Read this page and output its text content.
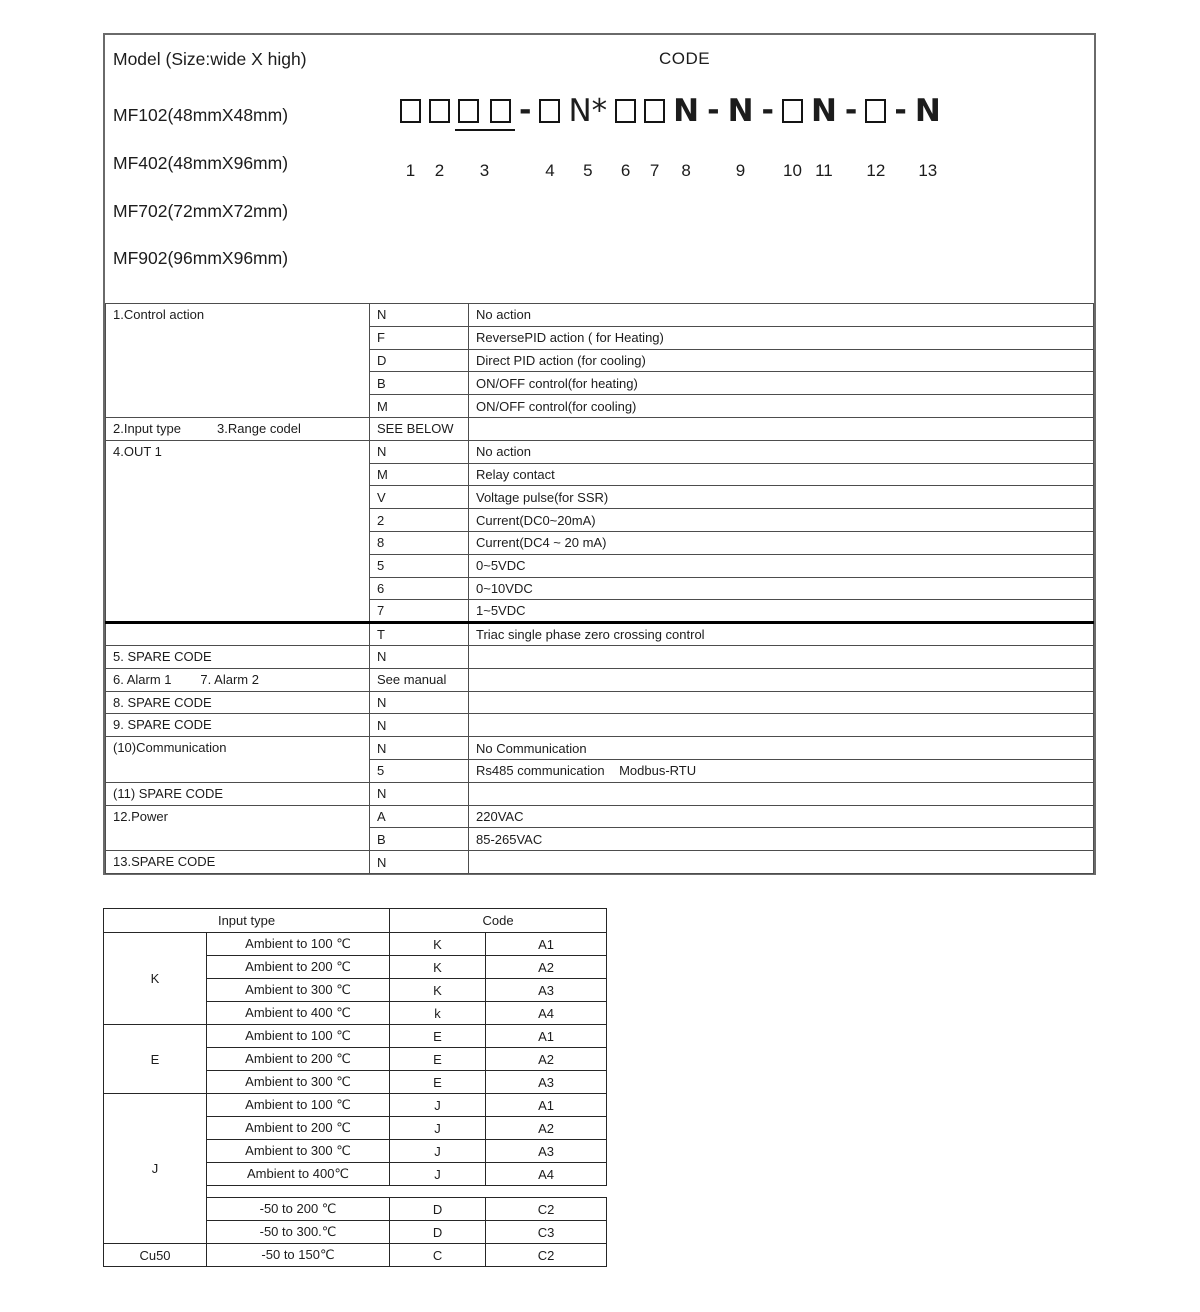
Model (Size:wide X high)	CODE
MF102(48mmX48mm)
MF402(48mmX96mm)
MF702(72mmX72mm)
MF902(96mmX96mm)
1 2 3
-
4
N*
5 6 7
N
8
- N
9
-
10
N
11
-
12
- N
13
1.Control action	N	No action
	F	ReversePID action ( for Heating)
	D	Direct PID action (for cooling)
	B	ON/OFF control(for heating)
	M	ON/OFF control(for cooling)
2.Input type          3.Range codel	SEE BELOW	
4.OUT 1	N	No action
	M	Relay contact
	V	Voltage pulse(for SSR)
	2	Current(DC0~20mA)
	8	Current(DC4 ~ 20 mA)
	5	0~5VDC
	6	0~10VDC
	7	1~5VDC
	T	Triac single phase zero crossing control
5. SPARE CODE	N	
6. Alarm 1        7. Alarm 2	See manual	
8. SPARE CODE	N	
9. SPARE CODE	N	
(10)Communication	N	No Communication
	5	Rs485 communication    Modbus-RTU
(11) SPARE CODE	N	
12.Power	A	220VAC
	B	85-265VAC
13.SPARE CODE	N	
Input type		Code	
K	Ambient to 100 ℃	K	A1
	Ambient to 200 ℃	K	A2
	Ambient to 300 ℃	K	A3
	Ambient to 400 ℃	k	A4
E	Ambient to 100 ℃	E	A1
	Ambient to 200 ℃	E	A2
	Ambient to 300 ℃	E	A3
J	Ambient to 100 ℃	J	A1
	Ambient to 200 ℃	J	A2
	Ambient to 300 ℃	J	A3
	Ambient to 400℃	J	A4

	-50 to 200 ℃	D	C2
	-50 to 300.℃	D	C3
Cu50	-50 to 150℃	C	C2
